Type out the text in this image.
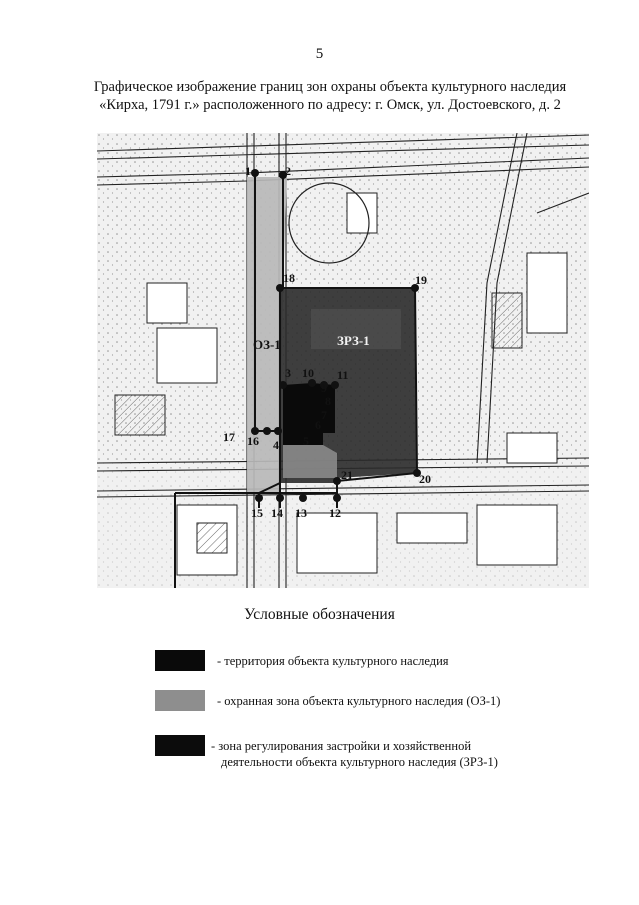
5
Графическое изображение границ зон охраны объекта культурного наследия
«Кирха, 1791 г.» расположенного по адресу: г. Омск, ул. Достоевского, д. 2
1	2
3
4 5
6
7
8
9
10 11
12
13
14
15
16
17
18	19
20
21
ОЗ-1	ЗРЗ-1
Условные обозначения
- территория объекта культурного наследия
- охранная зона объекта культурного наследия (ОЗ-1)
- зона регулирования застройки и хозяйственной
деятельности объекта культурного наследия (ЗРЗ-1)
